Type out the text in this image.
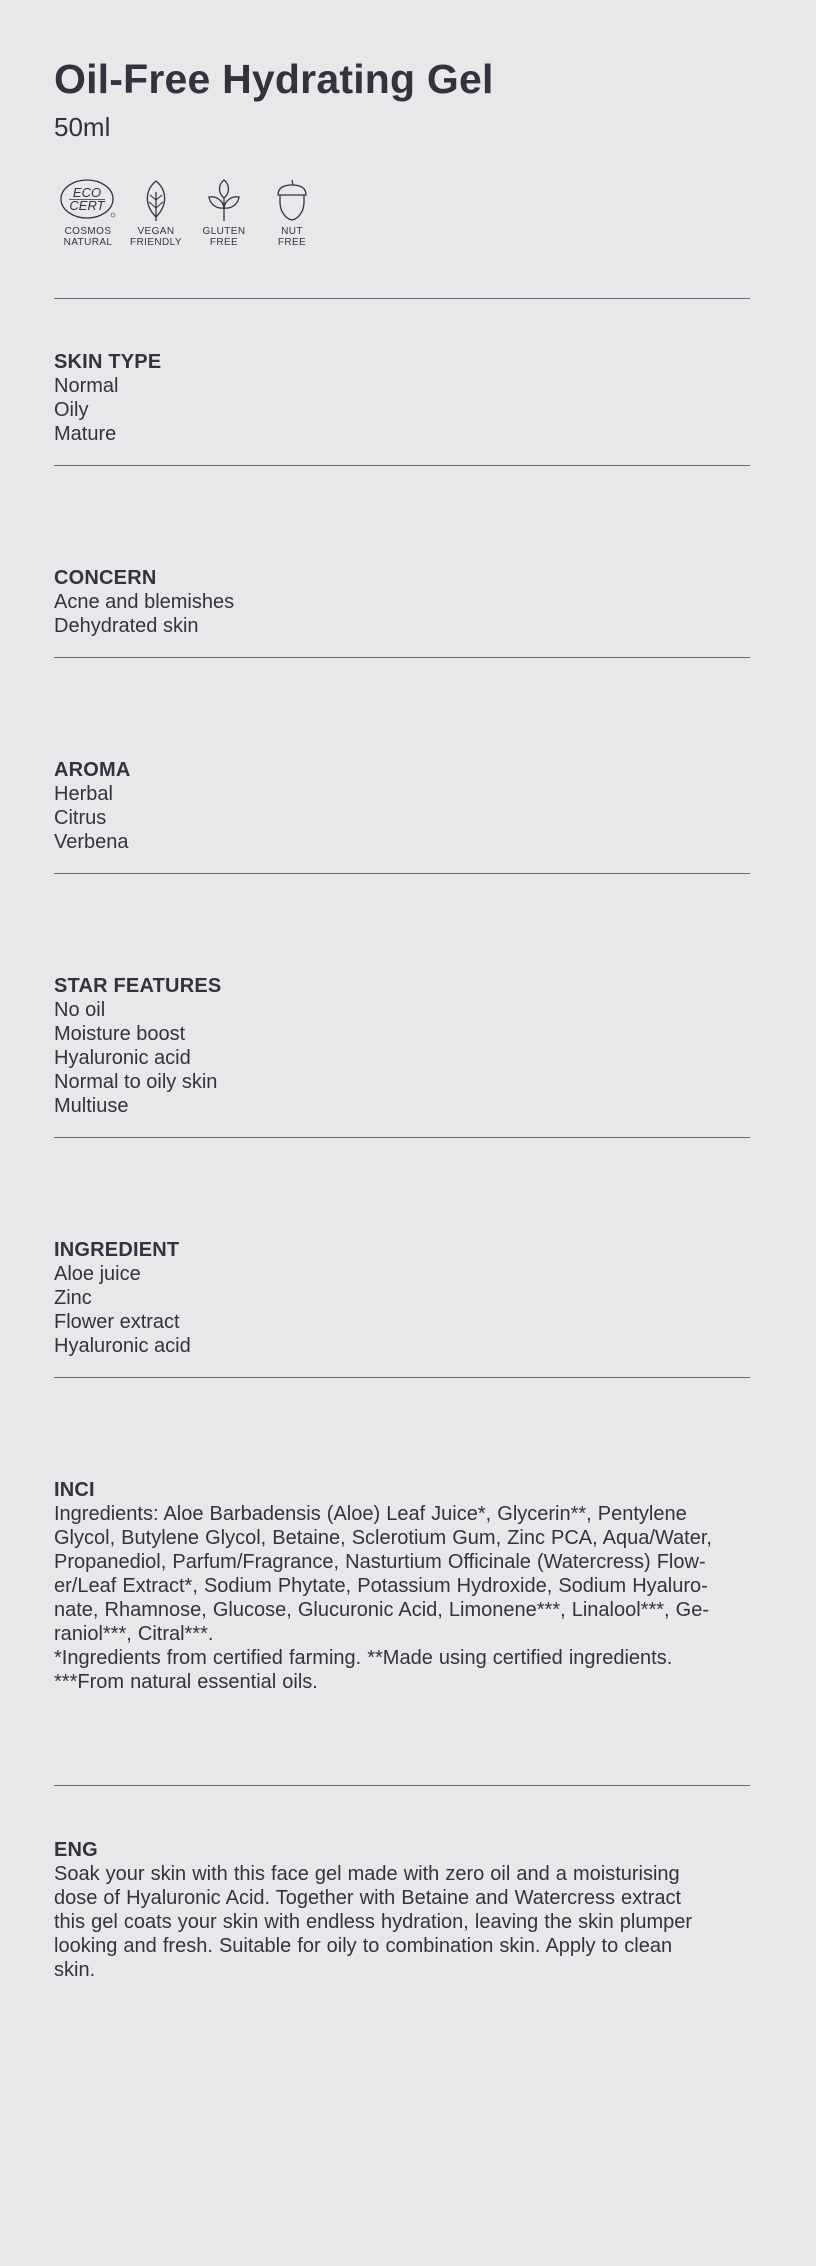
Oil-Free Hydrating Gel
50ml
ECO
CERT
COSMOS
NATURAL
VEGAN
FRIENDLY
GLUTEN
FREE
NUT
FREE
SKIN TYPE
Normal
Oily
Mature
CONCERN
Acne and blemishes
Dehydrated skin
AROMA
Herbal
Citrus
Verbena
STAR FEATURES
No oil
Moisture boost
Hyaluronic acid
Normal to oily skin
Multiuse
INGREDIENT
Aloe juice
Zinc
Flower extract
Hyaluronic acid
INCI
Ingredients: Aloe Barbadensis (Aloe) Leaf Juice*, Glycerin**, Pentylene
Glycol, Butylene Glycol, Betaine, Sclerotium Gum, Zinc PCA, Aqua/Water,
Propanediol, Parfum/Fragrance, Nasturtium Officinale (Watercress) Flow-
er/Leaf Extract*, Sodium Phytate, Potassium Hydroxide, Sodium Hyaluro-
nate, Rhamnose, Glucose, Glucuronic Acid, Limonene***, Linalool***, Ge-
raniol***, Citral***.
*Ingredients from certified farming. **Made using certified ingredients.
***From natural essential oils.
ENG
Soak your skin with this face gel made with zero oil and a moisturising
dose of Hyaluronic Acid. Together with Betaine and Watercress extract
this gel coats your skin with endless hydration, leaving the skin plumper
looking and fresh. Suitable for oily to combination skin. Apply to clean
skin.
